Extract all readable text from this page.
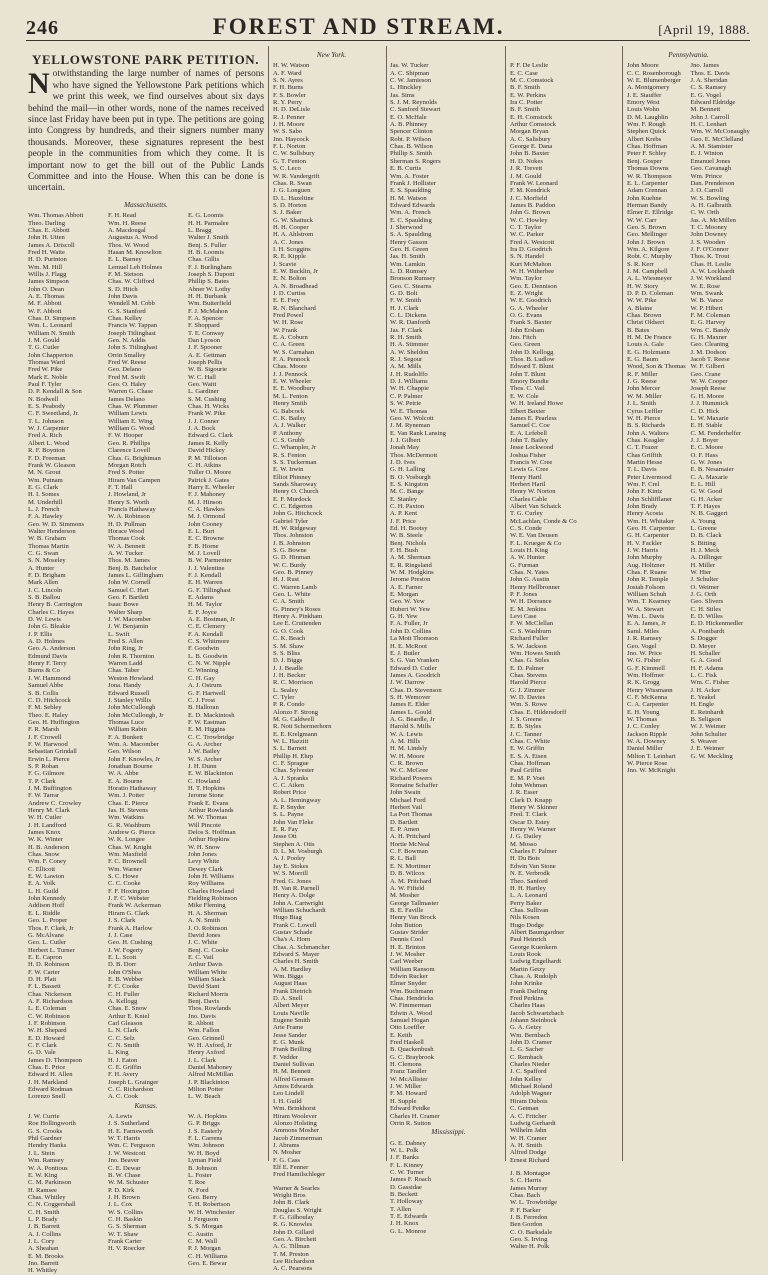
246	FOREST AND STREAM.	[April 19, 1888.
YELLOWSTONE PARK PETITION.

Notwithstanding the large number of names of persons who have signed the Yellowstone Park petitions which we print this week, we find ourselves about six days behind the mail—in other words, none of the names received since last Friday have been put in type. The petitions are going into Congress by hundreds, and their signers number many thousands. Moreover, these signatures represent the best people in the communities from which they come. It is important now to get the bill out of the Public Lands Committee and into the House. When this can be done is uncertain.

Massachusetts.
Wm. Thomas Abbott
Theo. Darling
Chas. E. Abbott
John H. Utten
James A. Driscoll
Fred H. Waite
H. D. Purinton
Wm. M. Hill
Willis J. Flagg
James Simpson
John O. Dean
A. E. Thomas
M. F. Abbott
W. F. Abbott
Chas. D. Simpson
Wm. L. Leonard
William N. Smith
J. M. Gould
T. G. Cutler
John Chapperton
Thomas Ward
Fred W. Pike
Mark E. Noble
Paul F. Tyler
D. P. Kendall & Son
N. Bodwell
E. S. Peabody
C. F. Sweetland, Jr.
T. L. Johnson
W. J. Carpenter
Fred A. Rich
Albert L. Wood
R. F. Boynton
F. D. Freeman
Frank W. Gleason
M. N. Grout
Wm. Putnam
E. G. Clark
H. I. Somes
M. Underhill
L. J. French
F. A. Hawley
Geo. W. D. Simmons
Walter Henderson
W. B. Graham
Thomas Martin
C. G. Swan
S. N. Moseley
A. Hunter
F. D. Brigham
Mark Allen
J. C. Lincoln
S. B. Ballou
Henry B. Carrington
Charles C. Hayes
D. W. Lewis
John G. Bleakie
J. P. Ellis
A. D. Holmes
Geo. A. Anderson
Edmund Davis
Henry F. Terry
Burns & Co
J. W. Hammond
Samuel Abbe
S. B. Collis
C. D. Hitchcock
F. M. Sebley
Theo. E. Haley
Geo. H. Huffington
F. R. Marsh
J. F. Crowell
F. W. Harwood
Sebastian Grindall
Erwin L. Pierce
S. P. Roban
F. G. Gilmore
T. P. Clark
J. M. Buffington
F. W. Tarrar
Andrew C. Crowley
Henry M. Clark
W. H. Cutler
J. H. Landford
James Knox
W. K. Winter
H. B. Anderson
Chas. Snow
Wm. F. Coney
C. Ellicott
E. W. Lawton
E. A. Volk
L. H. Guild
John Kennedy
Addison Hoff
E. L. Riddle
Geo. L. Proper
Thos. F. Clark, Jr
G. McAlvane
Geo. L. Cutler
Herbert L. Turner
E. E. Capron
H. D. Robinson
F. W. Carter
D. H. Platt
F. L. Bassett
Chas. Nickerson
A. F. Richardson
L. E. Coleman
C. W. Robinson
J. F. Robinson
W. H. Shepard
E. D. Howard
C. F. Clark
G. D. Vale
James D. Thompson
Chas. E. Price
Edward H. Allen
J. H. Markland
Edward Rodman
Lorenzo Snell
F. H. Read
Wm. H. Reese
A. Macdougal
Augustus A. Wood
Thos. W. Wood
Hasan M. Knowlton
E. L. Barney
Lemuel Leb Holmes
F. M. Stetson
Chas. W. Clifford
S. D. Hitch
John Davis
Wendell M. Cobb
G. S. Stanford
Chas. Kelley
Francis W. Tappan
Joseph Titlinghast
Geo. N. Addis
John S. Titlinghast
Orrin Smalley
Fred W. Reese
Geo. Delano
Fred M. Swift
Geo. O. Haley
Warren G. Chase
James Delano
Chas. W. Plummer
William Lewis
William E. Wing
William G. Wood
F. W. Hooper
Geo. R. Phillips
Clarence Lovell
Chas. G. Brightman
Morgan Rotch
Fred S. Potter
Hiram Van Campen
F. T. Hall
J. Howland, Jr
Henry S. Worth
Francis Hathaway
W. A. Robinson
H. D. Pullman
Horace Wood
Thomas Cook
W. A. Bennett
A. W. Tucker
Thos. M. James
Benj. B. Batchelor
James L. Gillingham
John W. Cornell
Samuel C. Hart
Geo. F. Bartlett
Isaac Bowe
Walter Sharp
J. W. Macomber
J. W. Benjamin
L. Swift
Fred S. Allen
John Ring, Jr
John R. Thornton
Warren Ladd
Chas. Taber
Weston Howland
Jona. Handy
Edward Russell
J. Stanley Willis
John McCullough
John McCullough, Jr
Thomas Luce
William Rabin
F. A. Bunkett
Wm. A. Macomber
Geo. Wilson
John F. Knowles, Jr
Jonathan Bourne
W. A. Abbe
E. A. Bourne
Horatio Hathaway
Wm. J. Potter
Chas. E. Pierce
Jas. H. Stevens
Wm. Watkins
G. R. Washburn
Andrew G. Pierce
W. K. Longee
Chas. W. Knight
Wm. Maxfield
F. C. Brownell
Wm. Warner
S. C. Howe
C. C. Cooke
F. F. Hoxington
J. F. C. Webster
Frank W. Ackerman
Hiram G. Clark
J. S. Clark
Frank A. Harlow
J. J. Case
Geo. H. Cushing
J. W. Fogerty
E. L. Scott
D. B. Dorr
John O'Shea
E. B. Webber
F. C. Cooke
C. H. Fuller
A. Kellogg
Chas. E. Snow
Arthur E. Kniel
Carl Gleason
L. N. Clark
C. C. Selz
C. N. Smith
L. King
H. J. Eaton
C. E. Griffin
F. H. Avery
Joseph L. Grainger
C. C. Richardson
A. C. Cook
E. G. Loomis
H. H. Parmalee
L. Bragg
Walter J. Smith
Benj. S. Fuller
H. B. Loomis
Chas. Gillis
F. J. Burlingham
Joseph S. Dupont
Phillip S. Bates
Abner W. Lothy
H. H. Burbank
Wm. Butterfield
F. J. McMahon
F. A. Spencer
F. Shoppard
T. E. Conway
Dan Lyoson
J. F. Spooner
A. E. Gettman
Joseph Pellis
W. B. Sigourie
W. C. Hall
Geo. Waitt
L. Gardiner
S. M. Cushing
Chas. H. Wicks
Frank W. Pike
J. J. Conner
J. A. Bock
Edward G. Clark
James R. Kelly
David Hickey
P. M. Tillotson
C. H. Atkins
Tuller O. Moore
Patrick J. Gates
Harry E. Wheeler
F. J. Mahoney
M. J. Hinson
C. A. Hawkes
M. J. Ormond
John Cooney
E. L. Burt
E. C. Browne
F. B. Horne
M. J. Lovell
B. W. Parmenter
J. J. Valentine
F. J. Kendall
E. H. Warren
G. F. Tillinghast
E. Adams
H. M. Taylor
E. F. Joyce
A. E. Bostman, Jr
C. E. Clemery
F. A. Kendall
C. S. Whitmore
F. Goodwin
L. B. Goodwin
C. N. W. Nipple
C. Winning
C. H. Gay
A. J. Ostrum
G. F. Hartwell
C. J. Frost
B. Halloran
E. D. Mackintosh
F. W. Eastman
E. M. Higgins
C. C. Trowbridge
G. A. Archer
J. W. Bailey
W. S. Archer
J. H. Dunn
E. W. Blackinton
C. Howland
H. T. Hopkins
Jerome Stone
Frank E. Evans
Arthur Rowlands
M. W. Thomas
Will Pincote
Delos S. Hoffman
Arthur Hopkins
W. H. Snow
John Jones
Levy White
Dewey Clark
John H. Williams
Roy Williams
Charles Howland
Fielding Robinson
Mike Fleming
H. A. Sherman
A. N. Smith
J. O. Robinson
David Jones
J. C. White
Benj. C. Cooke
E. C. Vail
Arthur Davis
William White
William Stack
David Stant
Richard Morris
Benj. Davis
Thos. Rowlands
Jno. Davis
R. Abbott
Wm. Fallon
Geo. Grinnell
W. H. Axford, Jr
Henry Axford
J. L. Clark
Daniel Mahoney
Alfred McMillan
J. P. Blackinton
Milton Potter
L. W. Beach
Kansas.
J. W. Currie
Roe Hollingworth
G. S. Crooks
Phil Gardner
Hendry Hanks
J. L. Stein
Wm. Ramsey
W. A. Pontious
E. W. King
C. M. Parkinson
H. Ramsee
Chas. Whitley
C. N. Coggershall
C. H. Smith
L. P. Brady
J. B. Barrett
A. J. Collins
J. L. Cory
A. Sheahan
E. M. Brooks
Jno. Barrett
H. Whitley
A. Lewis
J. S. Sutherland
H. E. Farnsworth
W. T. Harris
Wm. C. Ferguson
J. W. Westcott
Jno. Beaver
C. E. Dewar
B. W. Chase
W. M. Schuster
P. D. Kirk
J. H. Brown
J. L. Cox
W. S. Collins
C. H. Baskin
G. S. Sherman
W. T. Shaw
Frank Carter
H. V. Roecker
W. A. Hopkins
G. P. Briggs
J. S. Easterly
F. L. Carrens
Wm. Johnson
W. H. Boyd
Lyman Field
B. Johnson
L. Foster
T. Roe
N. Ford
Geo. Berry
T. H. Robertson
W. H. Winchester
J. Ferguson
S. S. Morgan
C. Austin
C. M. Wall
P. J. Morgan
C. H. Williams
Geo. E. Bewar
New York.
H. W. Watson
A. F. Ward
S. N. Ayres
F. H. Burns
F. S. Bowler
R. Y. Perry
H. D. DeLisle
R. J. Penner
J. H. Moore
W. S. Sabo
Jno. Haycock
F. L. Norton
C. W. Sullsbury
G. T. Fenton
S. C. Leco
W. R. Vandergrift
Chas. R. Swan
J. G. Longuen
D. L. Hazeltine
S. D. Horton
S. J. Baker
G. W. Shattuck
H. H. Cooper
H. A. Ahlstrom
A. C. Jones
I. H. Scoggins
R. E. Kipple
J. Scavie
E. W. Bucklin, Jr
E. N. Bolton
A. N. Broadhead
J. D. Curtiss
E. E. Frey
R. N. Blanchard
Fred Powel
W. H. Rose
W. Frank
E. A. Coburn
C. A. Green
W. S. Carnahan
F. A. Pennock
Chas. Moore
J. J. Pennock
E. W. Wheeler
E. E. Woodbury
M. L. Fenton
Henry Smith
G. Babcock
C. K. Bailey
A. J. Walker
P. Anthony
C. S. Grubb
C. Whampler, Jr
R. S. Fenton
S. S. Tuckerman
E. W. Irwin
Elliot Phinney
Sands Sharoway
Henry O. Church
E. F. Murdock
C. C. Edgerton
John G. Hitchcock
Gabriel Tyler
H. W. Ridgeway
Thos. Johnston
J. B. Johnston
S. G. Bowne
G. D. Hinman
W. C. Burdy
Geo. B. Pinney
H. J. Rust
C. Warren Lamb
Geo. L. White
C. A. Smith
G. Pinney's Roses
Henry A. Pinkham
Lee E. Cruttenden
G. O. Cook
C. K. Beach
S. M. Shaw
S. S. Bliss
D. J. Biggs
J. J. Beadle
J. H. Becker
R. C. Morrison
L. Sealey
C. Tyler
P. R. Condo
Alonzo F. Strong
M. G. Caldwell
R. Nott Schermerhorn
E. E. Krelgmann
W. L. Hazzitt
S. L. Barnett
Phillip H. Ehrp
C. F. Sprague
Chas. Sylvester
A. J. Spranks
C. C. Aiken
Robert Price
A. L. Hemingway
E. P. Snyder
S. L. Payne
John Van Fleke
E. R. Fay
Jesse Ott
Stephen A. Otis
D. L. M. Vosburgh
A. J. Pooley
Jay E. Stokes
W. S. Morrill
Fred. G. Jones
H. Van R. Parnell
Henry A. Dolge
John A. Cartwright
William Schuchardt
Hugo Biag
Frank C. Lowell
Gustav Schade
Cha's A. Horn
Chas. A. Schmancher
Edward S. Mayer
Charles H. Smith
A. M. Hardley
Wm. Biggs
August Haas
Frank Dietrich
D. A. Snell
Albert Meyer
Louis Naville
Eugene Smith
Arie Frame
Jesse Sander
E. G. Munk
Frank Beilling
F. Vedder
Daniel Sullivan
H. M. Bennett
Alfred Gernsen
Amos Edwards
Leo Lindell
I. H. Guild
Wm. Brinkhorst
Hiram Woolever
Alonzo Holsting
Ammons Mosher
Jacob Zimmerman
J. Abrams
N. Mosher
F. G. Cass
Elf E. Fenner
Fred Hamilschleger
Warner & Searles
Wright Bros
John B. Clark
Douglas S. Wright
F. G. Gilhoulay
R. G. Knowles
John D. Gillard
Geo. A. Birchett
A. G. Tillman
T. M. Preston
Lee Richardson
A. C. Pearsons
Jas. W. Tucker
A. C. Shipman
C. W. Jamieson
L. Hinckley
Jas. Sims
S. J. M. Reynolds
C. Sanford Stewart
E. O. McHale
A. B. Phinney
Spencer Clinton
Robt. P. Wilson
Chas. B. Wilson
Phillip S. Smith
Sherman S. Rogers
E. B. Curtis
Wm. A. Foster
Frank J. Hollister
E. S. Spaulding
H. M. Watson
Edward Edwards
Wm. A. French
E. C. Spaulding
J. Sherwood
S. A. Spaulding
Henry Gasson
Geo. H. Green
Jas. H. Smith
Wm. Lamkin
L. D. Rumsey
Bronson Rumsey
Geo. C. Stearns
G. D. Bolt
F. W. Smith
H. J. Clark
C. L. Dickens
W. R. Danforth
Jas. F. Clark
R. H. Smith
H. A. Stimmer
A. W. Sheldon
R. J. Segour
A. M. Mills
J. H. Rudolffo
D. J. Williams
W. H. Chappie
C. P. Palmer
S. W. Petrie
W. E. Thomas
Geo. W. Wolcott
J. M. Ryneman
E. Van Rank Lansing
J. J. Gilbert
Jonah May
Thos. McDermott
J. D. Ives
G. H. Lalling
B. O. Vosburgh
E. S. Kingston
M. C. Bange
E. Stanley
C. H. Paxton
A. P. Kent
J. F. Price
Ed. H. Bootsy
W. B. Steele
Benj. Nichols
F. H. Bush
A. M. Sherman
E. R. Ringsland
W. M. Hodgkins
Jerome Preston
A. E. Farner
E. Morgan
Geo. W. Yew
Hubert W. Yew
G. H. Yew
F. A. Fuller, Jr
John D. Collins
La Mott Thomson
H. E. McRoot
E. J. Butler
S. G. Van Vranken
Edward D. Cutler
James A. Goodrich
J. W. Darrow
Chas. D. Stevenson
S. H. Wemover
James E. Elder
James L. Gould
A. G. Beardle, Jr
Harold S. Mills
W. A. Lewis
A. M. Hills
H. M. Lindsly
W. H. Moore
C. R. Brown
W. C. McGree
Richard Powers
Romaine Schaffer
John Swain
Michael Ford
Herbert Vail
La Port Thomas
D. Bartlett
E. P. Amen
A. H. Pritchard
Hortie McNeal
C. F. Bowman
R. L. Ball
E. N. Mortimer
D. B. Wilcox
A. M. Pritchard
A. W. Fifield
M. Mosher
George Tallmaster
B. E. Faville
Henry Van Brock
John Button
Gustav Strider
Dennis Cool
H. E. Brinton
J. W. Mosher
Carl Weeber
William Ransom
Edwin Rucker
Elmer Snyder
Wm. Buchmann
Chas. Hendricks
W. Fimmerman
Edwin A. Wood
Samuel Hogan
Otto Loeffler
E. Keith
Fred Haskell
B. Quackenbush
G. C. Braybrook
H. Clemons
Franz Tandler
W. McAllister
J. W. Miller
F. M. Howard
H. Supple
Edward Petdke
Charles H. Cramer
Orrin R. Sutton
Mississippi.
G. E. Dabney
W. L. Polk
J. F. Banks
F. L. Kinney
C. W. Turner
James F. Roach
D. Gassidae
B. Beckett
T. Holloway
T. Allen
T. E. Edwards
J. H. Knox
G. L. Monroe
P. F. De Leslie
E. C. Case
M. C. Comstock
B. F. Smith
E. W. Perkins
Ira C. Potter
B. F. Smith
E. H. Comstock
Arthur Comstock
Morgan Bryan
A. C. Salisbury
George E. Dana
John B. Baxter
H. D. Nokes
J. R. Trevett
J. M. Gould
Frank W. Leonard
F. M. Kendrick
J. C. Morfield
James B. Paddon
John G. Brown
W. C. Howley
C. T. Taylor
W. C. Parker
Fred A. Westcott
Ira D. Goodrich
S. N. Handel
Kurt McMahon
W. H. Witherbee
Wm. Taylor
Geo. E. Dennison
E. Z. Wright
W. E. Goodrich
G. A. Wheeler
O. G. Evans
Frank S. Baxter
John Ersham
Jno. Fitch
Geo. Green
John D. Kellogg
Thos. B. Ludlow
Edward T. Blunt
John T. Blunt
Emory Bundie
Thos. C. Vail
E. W. Cole
W. H. Ireland Howe
Elbert Baxter
James E. Pearless
Samuel C. Coe
E. A. Lefebell
John T. Bailey
Jesse Lockwood
Joshua Fisher
Francis W. Cree
Lewis G. Cree
Henry Hartl
Herbert Hartl
Henry W. Norton
Charles Cable
Albert Van Schaick
T. G. Curley
McLachlan, Conde & Co
C. S. Conde
W. E. Van Deusen
F. L. Krueger & Co
Louis H. King
A. W. Hunter
G. Furman
Chas. N. Yates
John G. Austin
Henry Hellbronner
P. F. Jones
W. H. Dorrance
E. M. Jenkins
Levi Case
F. W. McClellan
C. S. Washburn
Richard Fuller
S. W. Jackson
Wm. Howes Smith
Chas. G. Stiles
E. D. Palmer
Chas. Stevens
Harold Pierce
G. J. Zimmer
W. D. Davies
Wm. S. Rowe
Chas. E. Hildersdorff
J. S. Greene
E. B. Styles
J. C. Tanner
Chas. C. White
E. W. Griffin
E. S. A. Eisen
Chas. Hoffman
Paul Griffin
E. M. P. Voet
John Wehman
J. R. Esser
Clark D. Knapp
Henry W. Skinner
Fred. T. Clark
Oscar D. Estey
Henry W. Warner
J. G. Dailey
M. Mosso
Charles F. Palmer
H. Du Bois
Edwin Van Stone
N. E. Verbrodk
Theo. Sanford
H. H. Hartley
L. A. Leonard
Perry Baker
Chas. Sullivan
Nils Kosen
Hugo Dodge
Albert Baumgardner
Paul Heinrich
George Kuenkern
Louis Rook
Ludwig Engelhardt
Martin Getzy
Chas. A. Rudolph
John Krinke
Frank Darling
Fred Perkins
Charles Haas
Jacob Schwartzbach
Johann Steinbock
G. A. Getzy
Wm. Bernbach
John D. Cramer
L. G. Sacher
C. Rembach
Charles Nieder
J. C. Spafford
John Kelley
Michael Roland
Adolph Wagner
Hiram Dubois
C. Getman
A. C. Fritcher
Ludwig Gerhardt
Wilhelm Jahn
W. H. Cramer
A. H. Smith
Alfred Dodge
Ernest Richard
J. B. Montague
S. C. Harris
James Murray
Chas. Bach
W. L. Trowbridge
P. F. Barker
J. B. Ferredon
Ben Gordon
C. O. Barksdale
Geo. S. Irving
Walter H. Polk
Pennsylvania.
John Moore
C. C. Rosenborough
W. E. Blumenberger
A. Montgomery
J. E. Stauffer
Emory West
Louis Wohn
D. M. Laughlin
Wm. F. Rough
Stephen Quick
Albert Krebs
Chas. Hoffman
Peter F. Schley
Benj. Gosper
Thomas Downs
W. R. Thompson
E. L. Carpenter
Adam Crennan
John Kuehne
Herman Bandy
Elmer E. Ellridge
W. W. Carr
Geo. S. Brown
Geo. Mellinger
John J. Brown
Wm. A. Kilgore
Robt. C. Murphy
S. R. Kerr
J. M. Campbell
A. L. Wiesmeyer
H. W. Story
D. P. D. Coleman
W. W. Pike
A. Blaine
Chas. Brown
Christ Oldsert
B. Bates
H. M. De France
Louis A. Gale
E. G. Holzmann
E. G. Baum
Wood, Son & Thomas
R. F. Miller
J. G. Reese
John Mercer
W. M. Miller
J. L. Smith
Cyrus Leffler
W. H. Pierce
B. S. Richards
John A. Walters
Chas. Keagler
C. T. Frazer
Chas Griffith
Martin Hesse
T. L. Davis
Peter Livermood
Wm. F. Crel
John F. Kintz
John Schlifflaner
John Brady
Henry Acosta
Wm. H. Whitaker
Geo. H. Carpenter
G. H. Carpenter
H. V. Fackler
J. W. Harris
John Murphy
Aug. Holtzner
Chas. F. Ruane
John R. Temple
Josiah Folsom
William Schuh
Wm. T. Kearney
W. A. Stewart
Wm. L. Davis
E. A. James, Jr
Saml. Miles
J. R. Ramsey
Geo. Vogel
Jno. W. Price
W. G. Fisher
G. F. Kimmell
Wm. Hoffmer
R. K. Grogg
Henry Wissmann
C. F. McKenna
C. A. Carpenter
E. H. Young
W. Thomas
J. C. Conley
Jackson Ripple
W. A. Downey
Daniel Miller
Milton T. Leinhart
W. Pierce Rose
Jno. W. McKnight
Jno. James
Thos. E. Davis
J. A. Sheridan
C. S. Ramsey
E. G. Vogel
Edward Eldridge
M. Bennett
John J. Carroll
H. C. Lenhart
Wm. W. McConaughy
Geo. E. McClelland
A. M. Stamister
E. J. Winton
Emanuel Jones
Geo. Cavanagh
Wm. Prince
Dan. Prenderson
J. O. Carroll
W. S. Bowling
A. H. Galbraith
C. W. Orth
Jas. A. McMillen
T. C. Mooney
John Downey
J. S. Wooden
J. F. O'Connor
Thos. K. Trout
Chas. H. Leslie
A. W. Lockhardt
J. W. Workland
W. E. Rose
Wm. Swank
W. B. Vance
W. P. Hibert
F. M. Coleman
E. G. Harvey
Wm. C. Bandy
G. H. Maxner
Geo. Cleaning
J. M. Dodson
Jacob T. Reese
W. F. Gilbert
Geo. Crane
W. W. Cooper
Joseph Reese
G. H. Moore
J. J. Hummick
C. D. Hick
L. W. Maxarie
E. H. Stable
C. M. Fenderhelfer
J. J. Boyer
E. C. Moore
O. F. Hass
G. W. Jones
E. B. Nesamaier
C. A. Maxarie
E. L. Hill
G. W. Good
G. H. Acker
T. F. Hayes
N. B. Gaggert
A. Young
L. Greene
D. B. Clack
S. Bitting
H. J. Meck
A. Dillinger
H. Miller
W. Hier
J. Schulter
O. Weimer
J. G. Orth
Geo. Slivers
C. H. Stiles
E. D. Willes
E. D. Hickenmedler
A. Pontbardt
S. Dogger
D. Meyer
H. Schaller
G. A. Good
H. F. Adams
L. C. Fisk
Wm. C. Fisher
J. H. Acker
E. Yeakel
H. Engle
E. Reinhardt
B. Seligson
W. J. Weimer
John Schulter
S. Weaver
J. E. Weimer
G. W. Meckling
